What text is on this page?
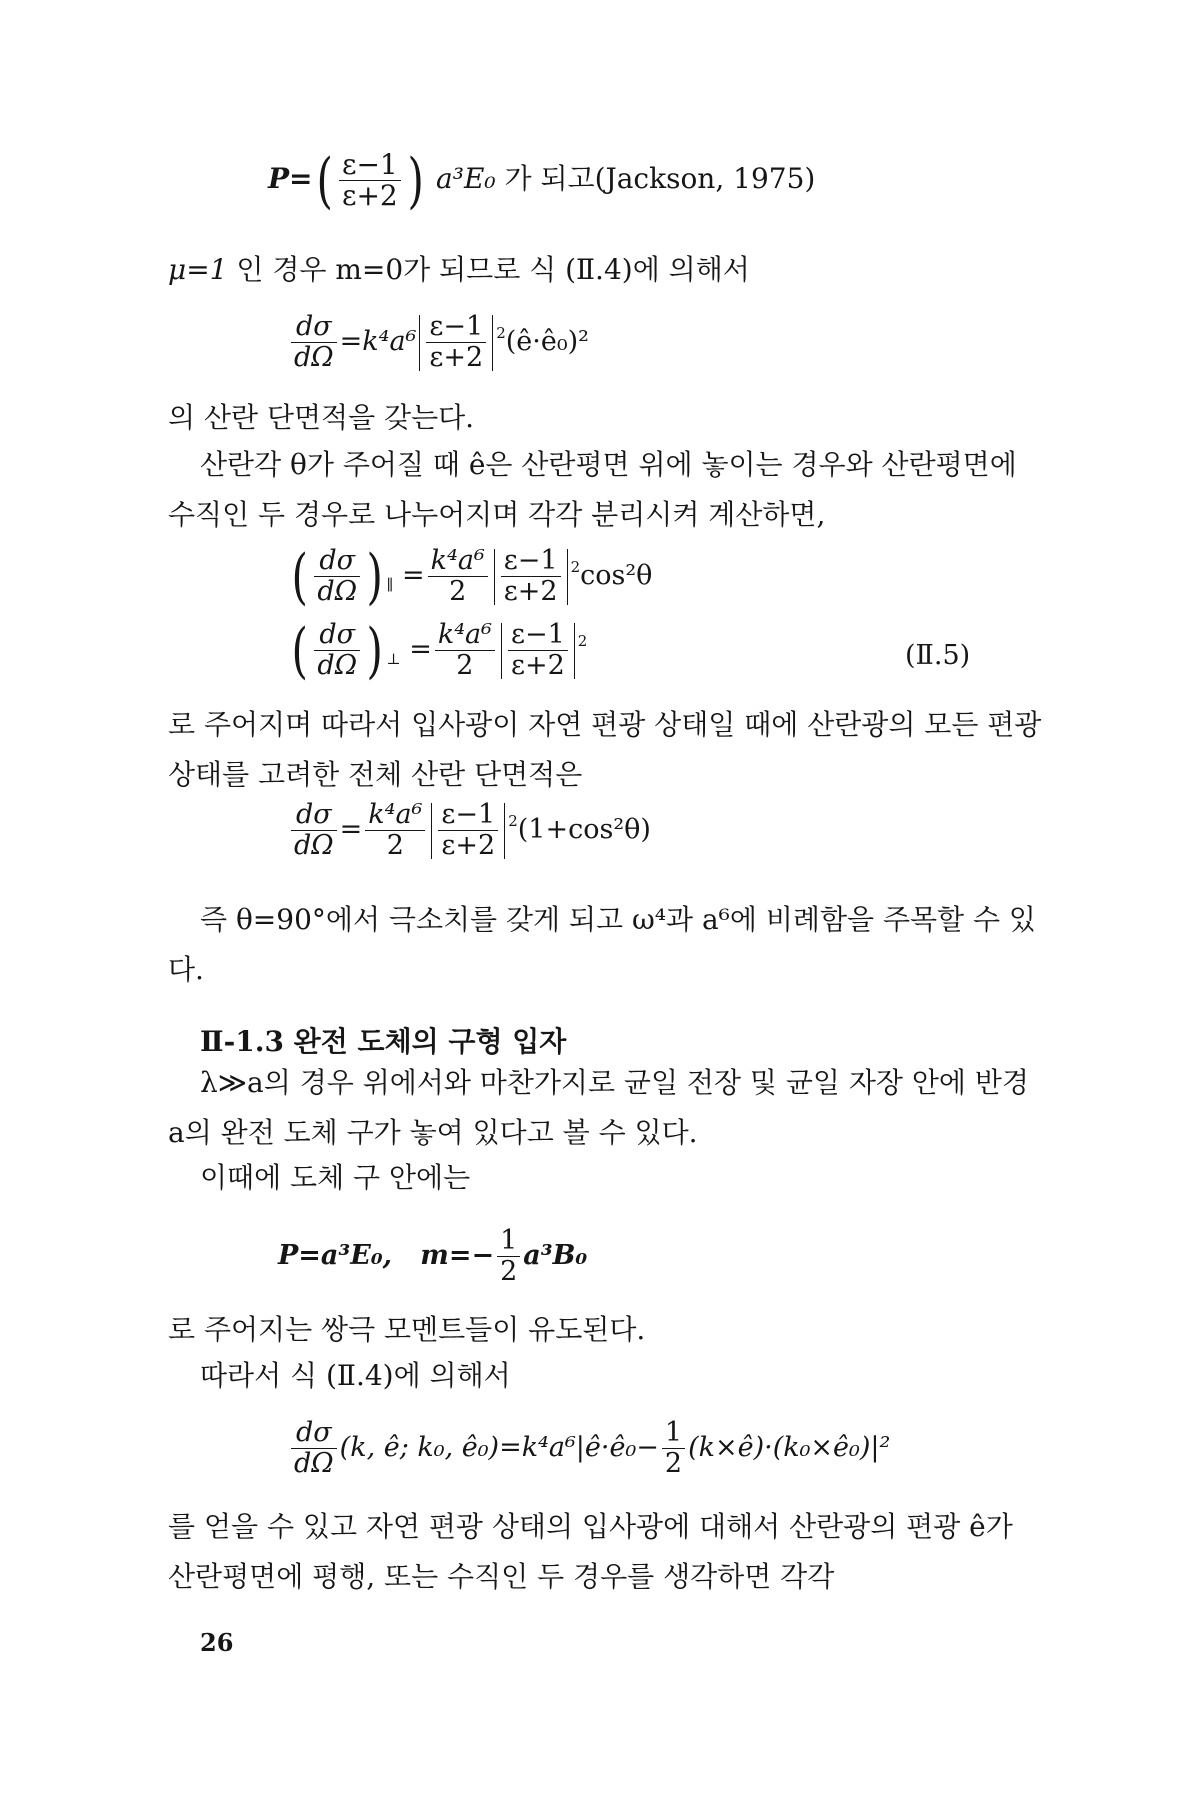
$P=( \frac{\varepsilon-1}{\varepsilon+2}$ ) a³E₀ 가 되고(Jackson, 1975)
μ=1 인 경우 m=0가 되므로 식 (Ⅱ.4)에 의해서
$\frac{d\sigma}{d\Omega} =k^4a^6 \frac{\varepsilon-1}{\varepsilon+2}$ $^2$(ê·ê₀)²
의 산란 단면적을 갖는다.
산란각 θ가 주어질 때 ê은 산란평면 위에 놓이는 경우와 산란평면에 수직인 두 경우로 나누어지며 각각 분리시켜 계산하면,
( $\frac{d\sigma}{d\Omega}$ ) $_\parallel = \frac{\text{k⁴a⁶}}{2} \frac{\varepsilon-1}{\varepsilon+2} ^2\cos^2\theta$
( $\frac{d\sigma}{d\Omega}$ ) $_\perp = \frac{\text{k⁴a⁶}}{2} \frac{\varepsilon-1}{\varepsilon+2} ^2$	(Ⅱ.5)
로 주어지며 따라서 입사광이 자연 편광 상태일 때에 산란광의 모든 편광 상태를 고려한 전체 산란 단면적은
$\frac{d\sigma}{d\Omega} = \frac{\text{k⁴a⁶}}{2} \frac{\varepsilon-1}{\varepsilon+2} ^2(1+\cos^2\theta)$
즉 θ=90°에서 극소치를 갖게 되고 ω⁴과 a⁶에 비례함을 주목할 수 있다.
Ⅱ-1.3 완전 도체의 구형 입자
λ≫a의 경우 위에서와 마찬가지로 균일 전장 및 균일 자장 안에 반경 a의 완전 도체 구가 놓여 있다고 볼 수 있다.
이때에 도체 구 안에는
P=a³E₀, $m=- \frac{1}{2} a^3B_0$
로 주어지는 쌍극 모멘트들이 유도된다.
따라서 식 (Ⅱ.4)에 의해서
$\frac{d\sigma}{d\Omega} (k$, ê; k₀, ê₀)=k⁴a⁶|ê·ê₀− $\frac{1}{2}$ (k×ê)·(k₀×ê₀)|²
를 얻을 수 있고 자연 편광 상태의 입사광에 대해서 산란광의 편광 ê가 산란평면에 평행, 또는 수직인 두 경우를 생각하면 각각
26
